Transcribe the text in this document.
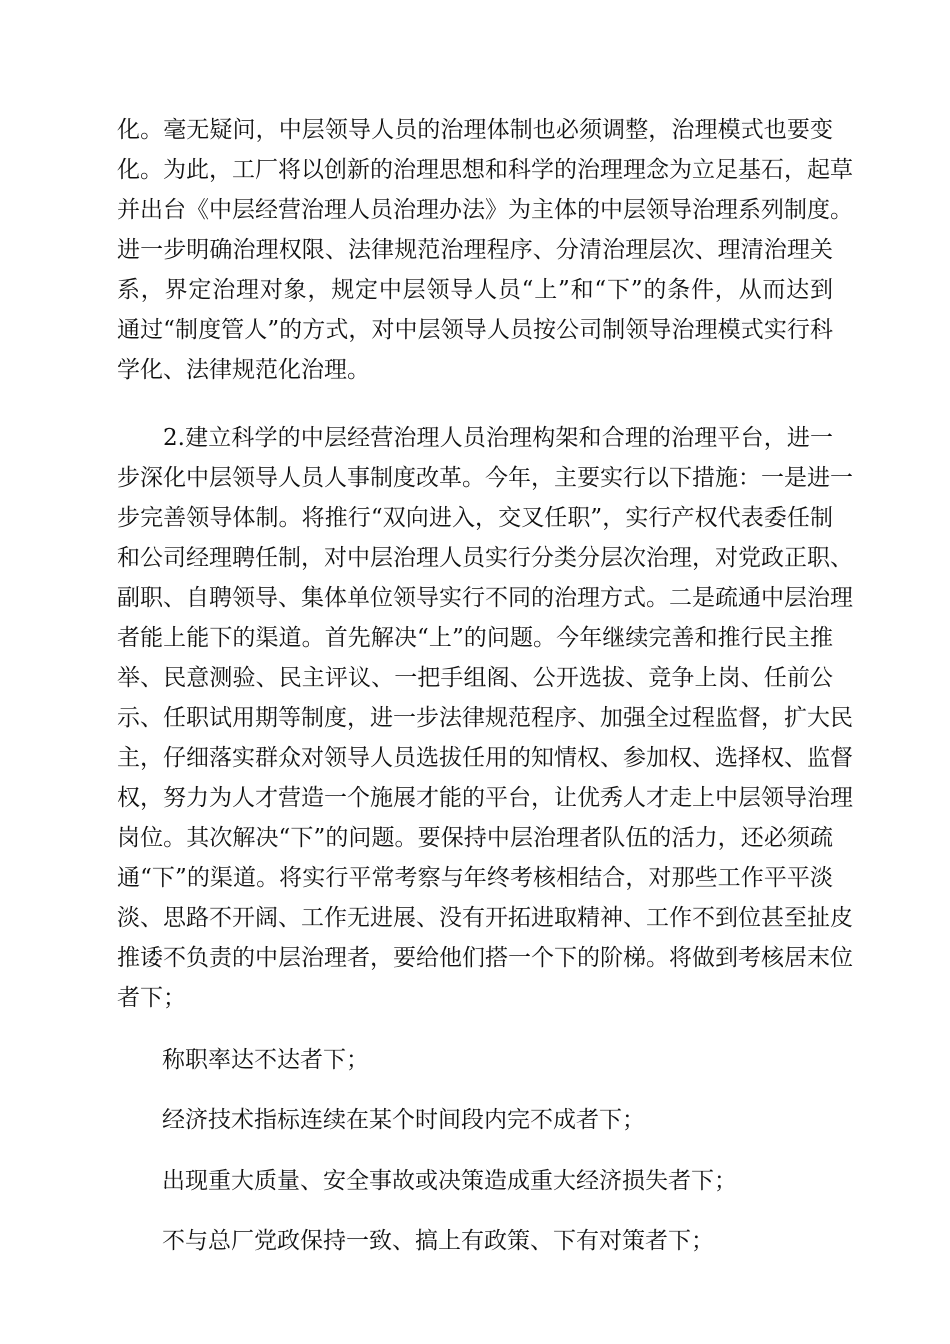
化。毫无疑问，中层领导人员的治理体制也必须调整，治理模式也要变

化。为此，工厂将以创新的治理思想和科学的治理理念为立足基石，起草

并出台《中层经营治理人员治理办法》为主体的中层领导治理系列制度。

进一步明确治理权限、法律规范治理程序、分清治理层次、理清治理关

系，界定治理对象，规定中层领导人员“上”和“下”的条件，从而达到

通过“制度管人”的方式，对中层领导人员按公司制领导治理模式实行科

学化、法律规范化治理。

2.建立科学的中层经营治理人员治理构架和合理的治理平台，进一

步深化中层领导人员人事制度改革。今年，主要实行以下措施：一是进一

步完善领导体制。将推行“双向进入，交叉任职”，实行产权代表委任制

和公司经理聘任制，对中层治理人员实行分类分层次治理，对党政正职、

副职、自聘领导、集体单位领导实行不同的治理方式。二是疏通中层治理

者能上能下的渠道。首先解决“上”的问题。今年继续完善和推行民主推

举、民意测验、民主评议、一把手组阁、公开选拔、竞争上岗、任前公

示、任职试用期等制度，进一步法律规范程序、加强全过程监督，扩大民

主，仔细落实群众对领导人员选拔任用的知情权、参加权、选择权、监督

权，努力为人才营造一个施展才能的平台，让优秀人才走上中层领导治理

岗位。其次解决“下”的问题。要保持中层治理者队伍的活力，还必须疏

通“下”的渠道。将实行平常考察与年终考核相结合，对那些工作平平淡

淡、思路不开阔、工作无进展、没有开拓进取精神、工作不到位甚至扯皮

推诿不负责的中层治理者，要给他们搭一个下的阶梯。将做到考核居末位

者下；

称职率达不达者下；

经济技术指标连续在某个时间段内完不成者下；

出现重大质量、安全事故或决策造成重大经济损失者下；

不与总厂党政保持一致、搞上有政策、下有对策者下；
